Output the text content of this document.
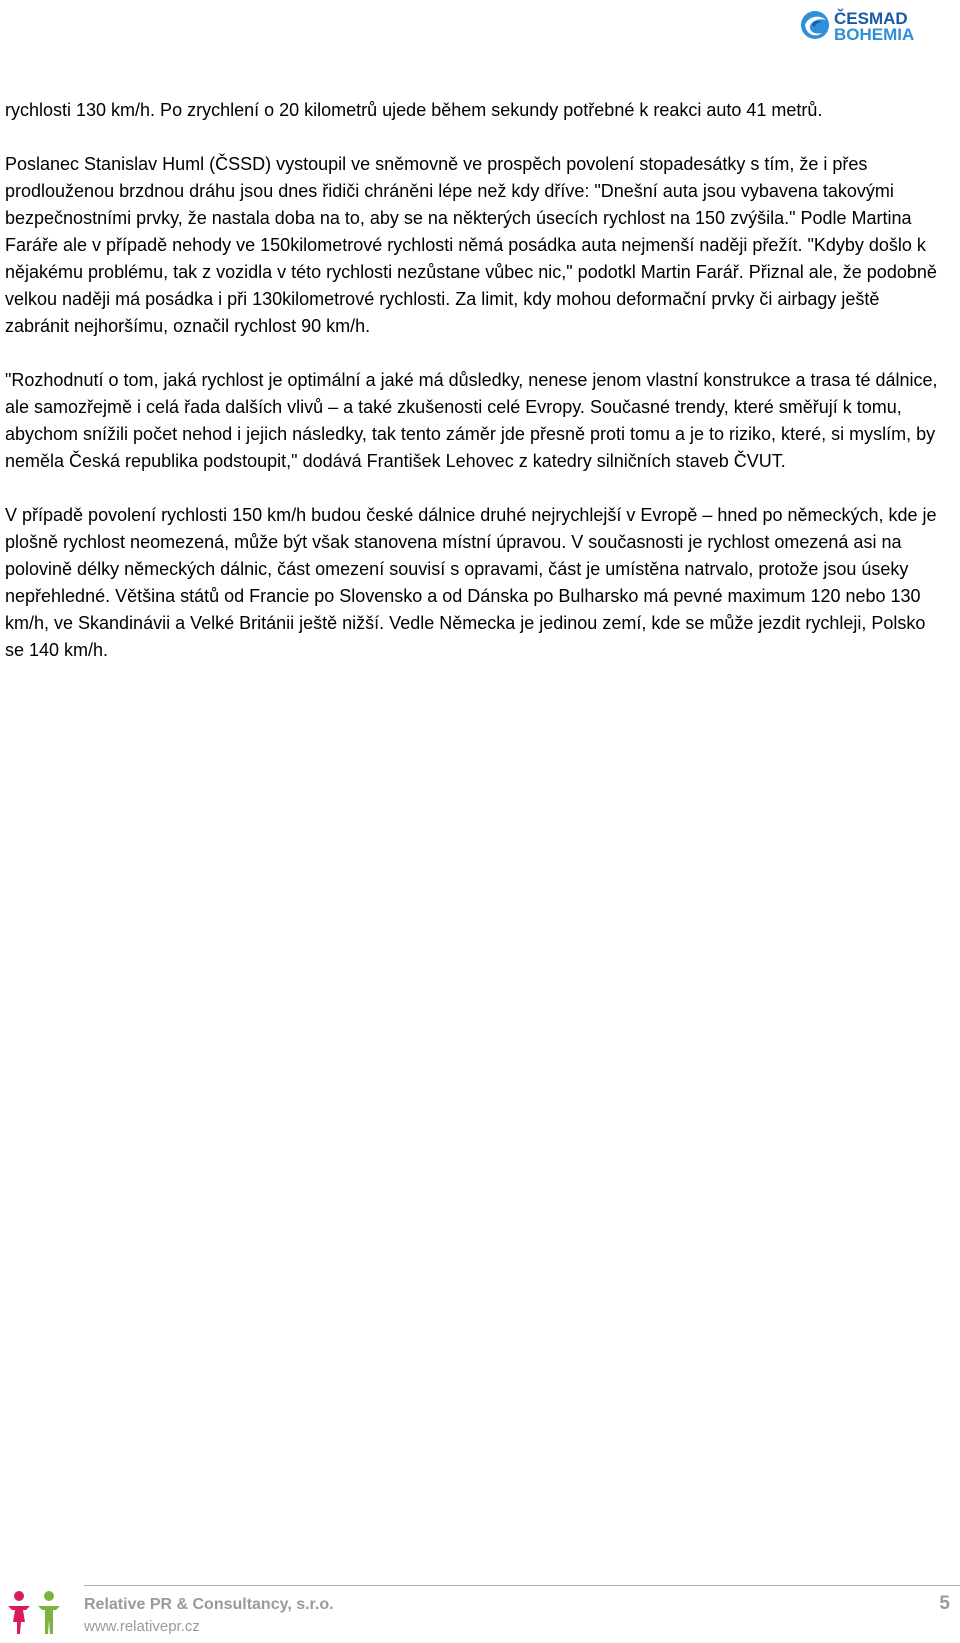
ČESMAD
BOHEMIA

rychlosti 130 km/h. Po zrychlení o 20 kilometrů ujede během sekundy potřebné k reakci auto 41 metrů.

Poslanec Stanislav Huml (ČSSD) vystoupil ve sněmovně ve prospěch povolení stopadesátky s tím, že i přes prodlouženou brzdnou dráhu jsou dnes řidiči chráněni lépe než kdy dříve: "Dnešní auta jsou vybavena takovými bezpečnostními prvky, že nastala doba na to, aby se na některých úsecích rychlost na 150 zvýšila." Podle Martina Faráře ale v případě nehody ve 150kilometrové rychlosti němá posádka auta nejmenší naději přežít. "Kdyby došlo k nějakému problému, tak z vozidla v této rychlosti nezůstane vůbec nic," podotkl Martin Farář. Přiznal ale, že podobně velkou naději má posádka i při 130kilometrové rychlosti. Za limit, kdy mohou deformační prvky či airbagy ještě zabránit nejhoršímu, označil rychlost 90 km/h.

"Rozhodnutí o tom, jaká rychlost je optimální a jaké má důsledky, nenese jenom vlastní konstrukce a trasa té dálnice, ale samozřejmě i celá řada dalších vlivů – a také zkušenosti celé Evropy. Současné trendy, které směřují k tomu, abychom snížili počet nehod i jejich následky, tak tento záměr jde přesně proti tomu a je to riziko, které, si myslím, by neměla Česká republika podstoupit," dodává František Lehovec z katedry silničních staveb ČVUT.

V případě povolení rychlosti 150 km/h budou české dálnice druhé nejrychlejší v Evropě – hned po německých, kde je plošně rychlost neomezená, může být však stanovena místní úpravou. V současnosti je rychlost omezená asi na polovině délky německých dálnic, část omezení souvisí s opravami, část je umístěna natrvalo, protože jsou úseky nepřehledné. Většina států od Francie po Slovensko a od Dánska po Bulharsko má pevné maximum 120 nebo 130 km/h, ve Skandinávii a Velké Británii ještě nižší. Vedle Německa je jedinou zemí, kde se může jezdit rychleji, Polsko se 140 km/h.

Relative PR & Consultancy, s.r.o.
www.relativepr.cz
5
